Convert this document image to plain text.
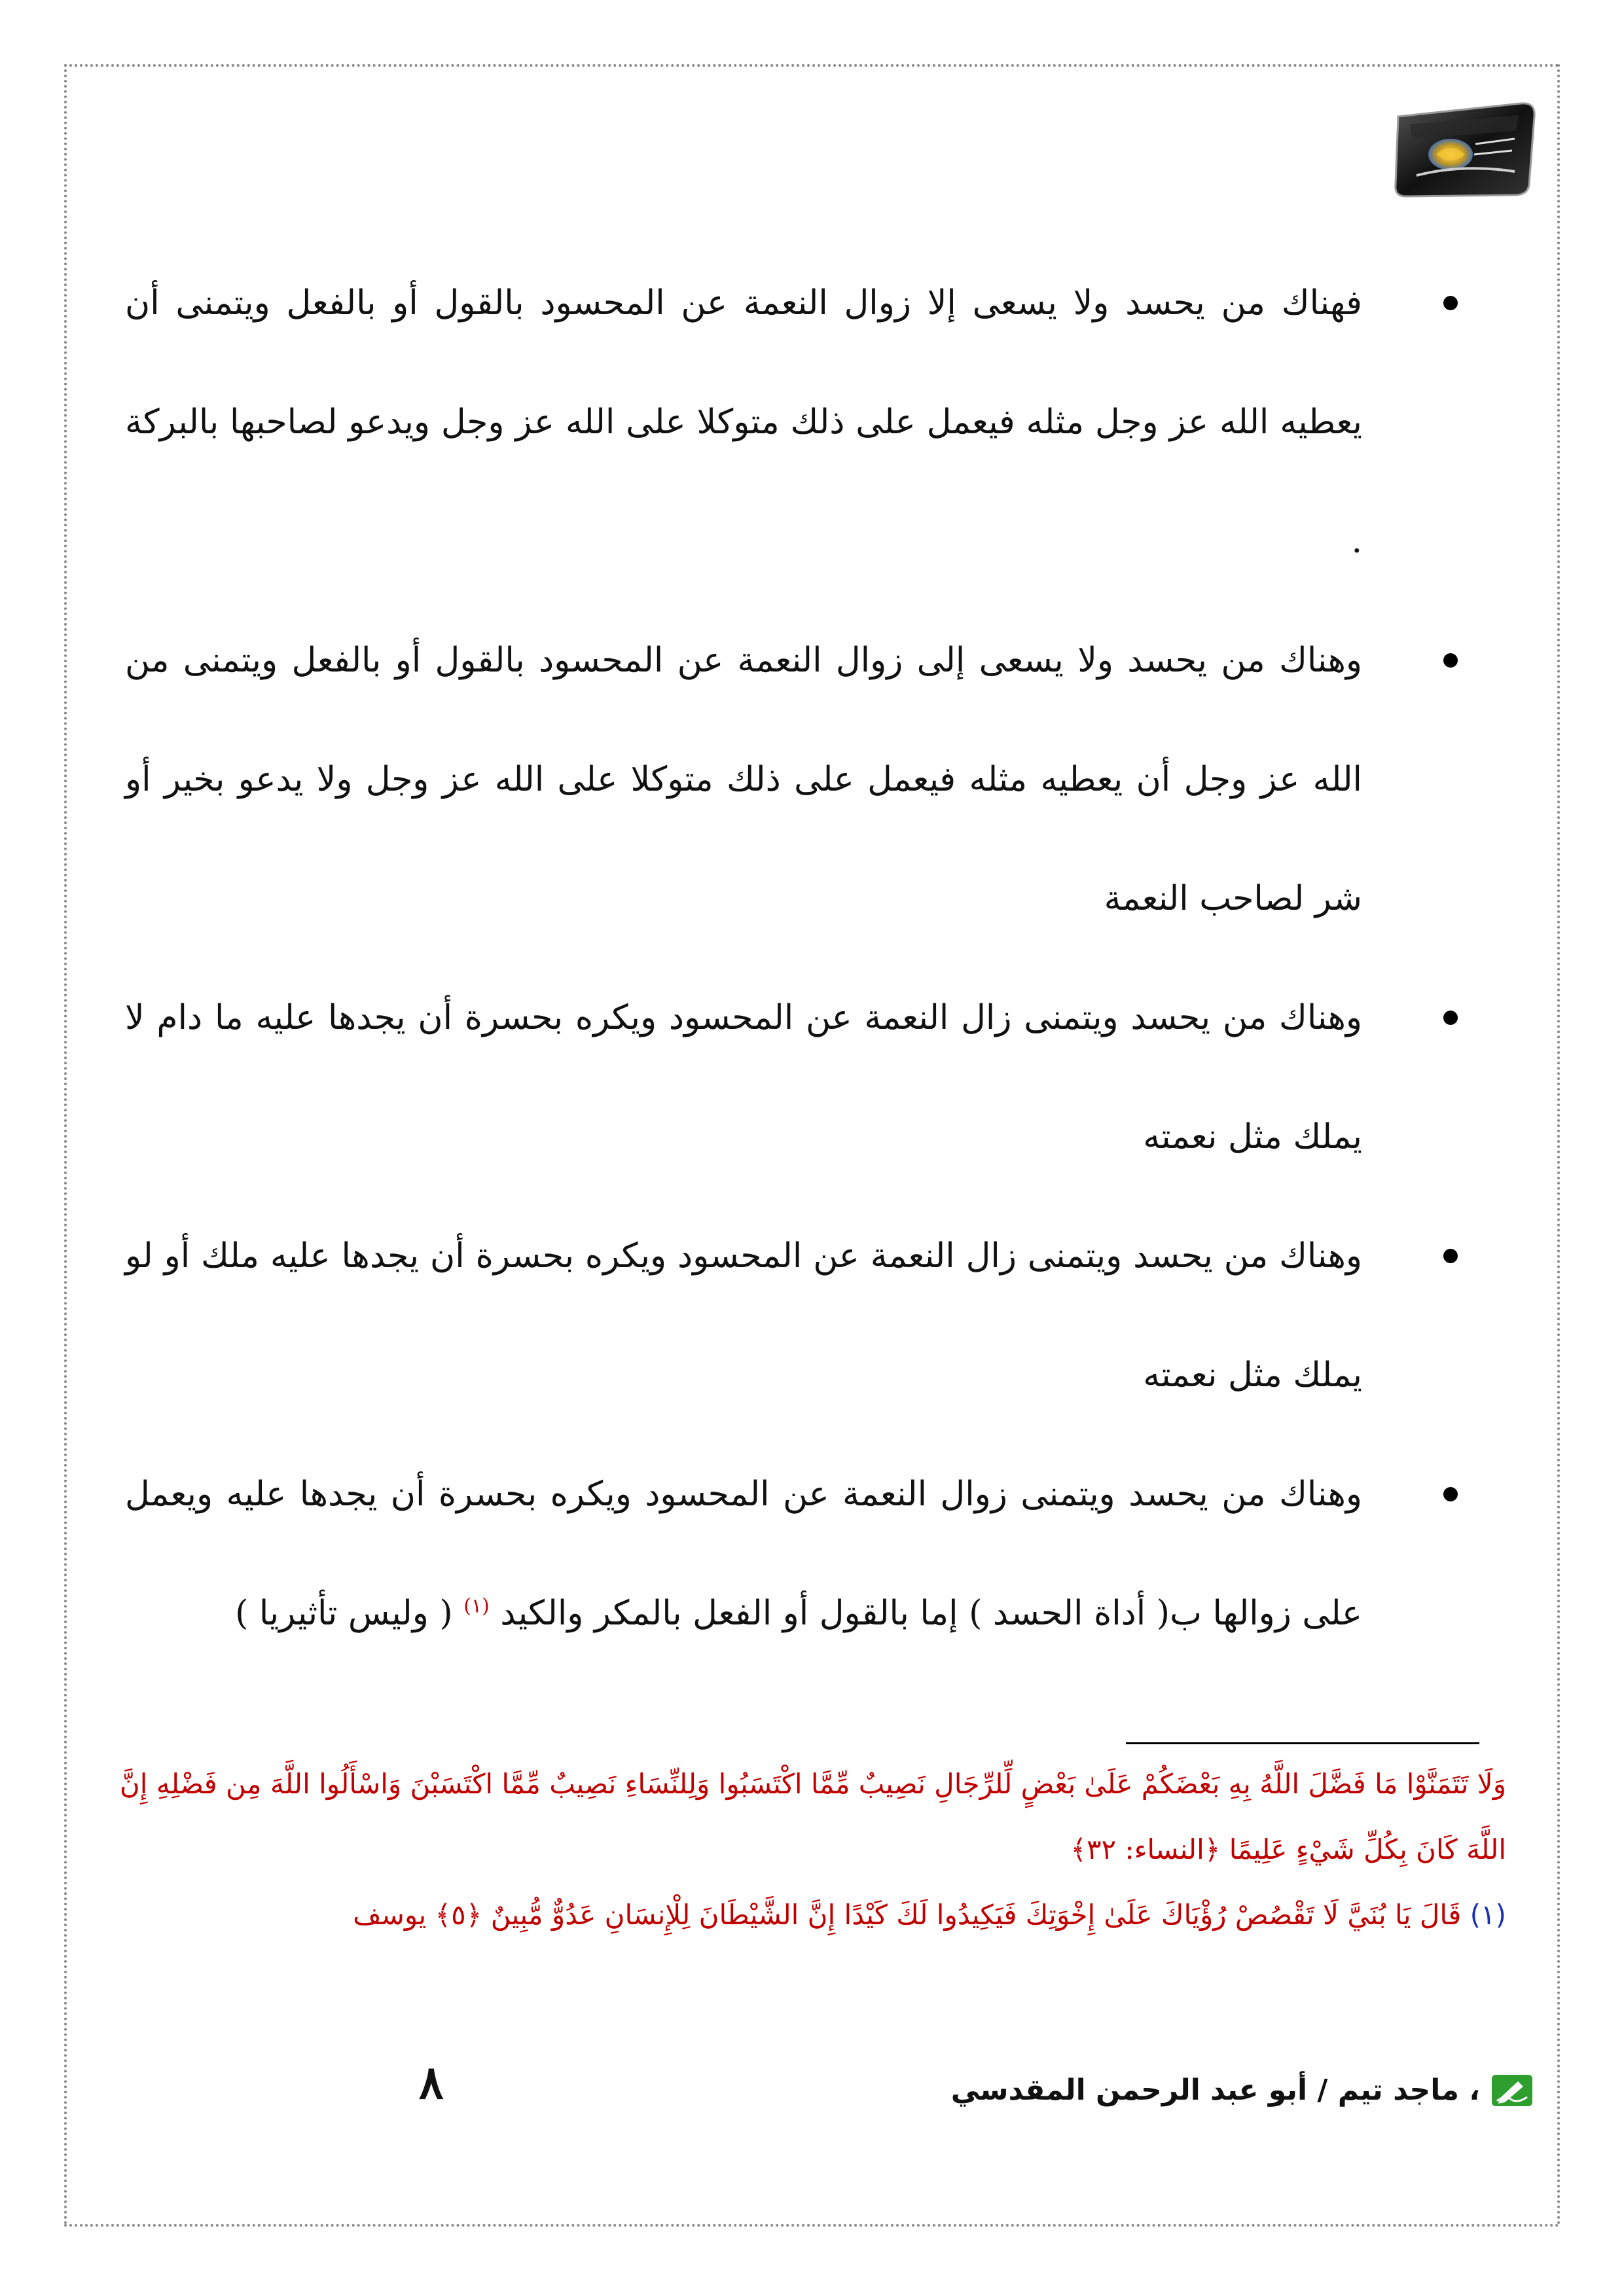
فهناك من يحسد ولا يسعى إلا زوال النعمة عن المحسود بالقول أو بالفعل ويتمنى أن يعطيه الله عز وجل مثله فيعمل على ذلك متوكلا على الله عز وجل ويدعو لصاحبها بالبركة .
وهناك من يحسد ولا يسعى إلى زوال النعمة عن المحسود بالقول أو بالفعل ويتمنى من الله عز وجل أن يعطيه مثله فيعمل على ذلك متوكلا على الله عز وجل ولا يدعو بخير أو شر لصاحب النعمة
وهناك من يحسد ويتمنى زال النعمة عن المحسود ويكره بحسرة أن يجدها عليه ما دام لا يملك مثل نعمته
وهناك من يحسد ويتمنى زال النعمة عن المحسود ويكره بحسرة أن يجدها عليه ملك أو لو يملك مثل نعمته
وهناك من يحسد ويتمنى زوال النعمة عن المحسود ويكره بحسرة أن يجدها عليه ويعمل على زوالها ب( أداة الحسد ) إما بالقول أو الفعل بالمكر والكيد $^{(١)}$ ( وليس تأثيريا )

وَلَا تَتَمَنَّوْا مَا فَضَّلَ اللَّهُ بِهِ بَعْضَكُمْ عَلَىٰ بَعْضٍ لِّلرِّجَالِ نَصِيبٌ مِّمَّا اكْتَسَبُوا وَلِلنِّسَاءِ نَصِيبٌ مِّمَّا اكْتَسَبْنَ وَاسْأَلُوا اللَّهَ مِن فَضْلِهِ إِنَّ اللَّهَ كَانَ بِكُلِّ شَيْءٍ عَلِيمًا ﴿النساء: ٣٢﴾

(١) قَالَ يَا بُنَيَّ لَا تَقْصُصْ رُؤْيَاكَ عَلَىٰ إِخْوَتِكَ فَيَكِيدُوا لَكَ كَيْدًا إِنَّ الشَّيْطَانَ لِلْإِنسَانِ عَدُوٌّ مُّبِينٌ ﴿٥﴾ يوسف

٨	، ماجد تيم / أبو عبد الرحمن المقدسي
